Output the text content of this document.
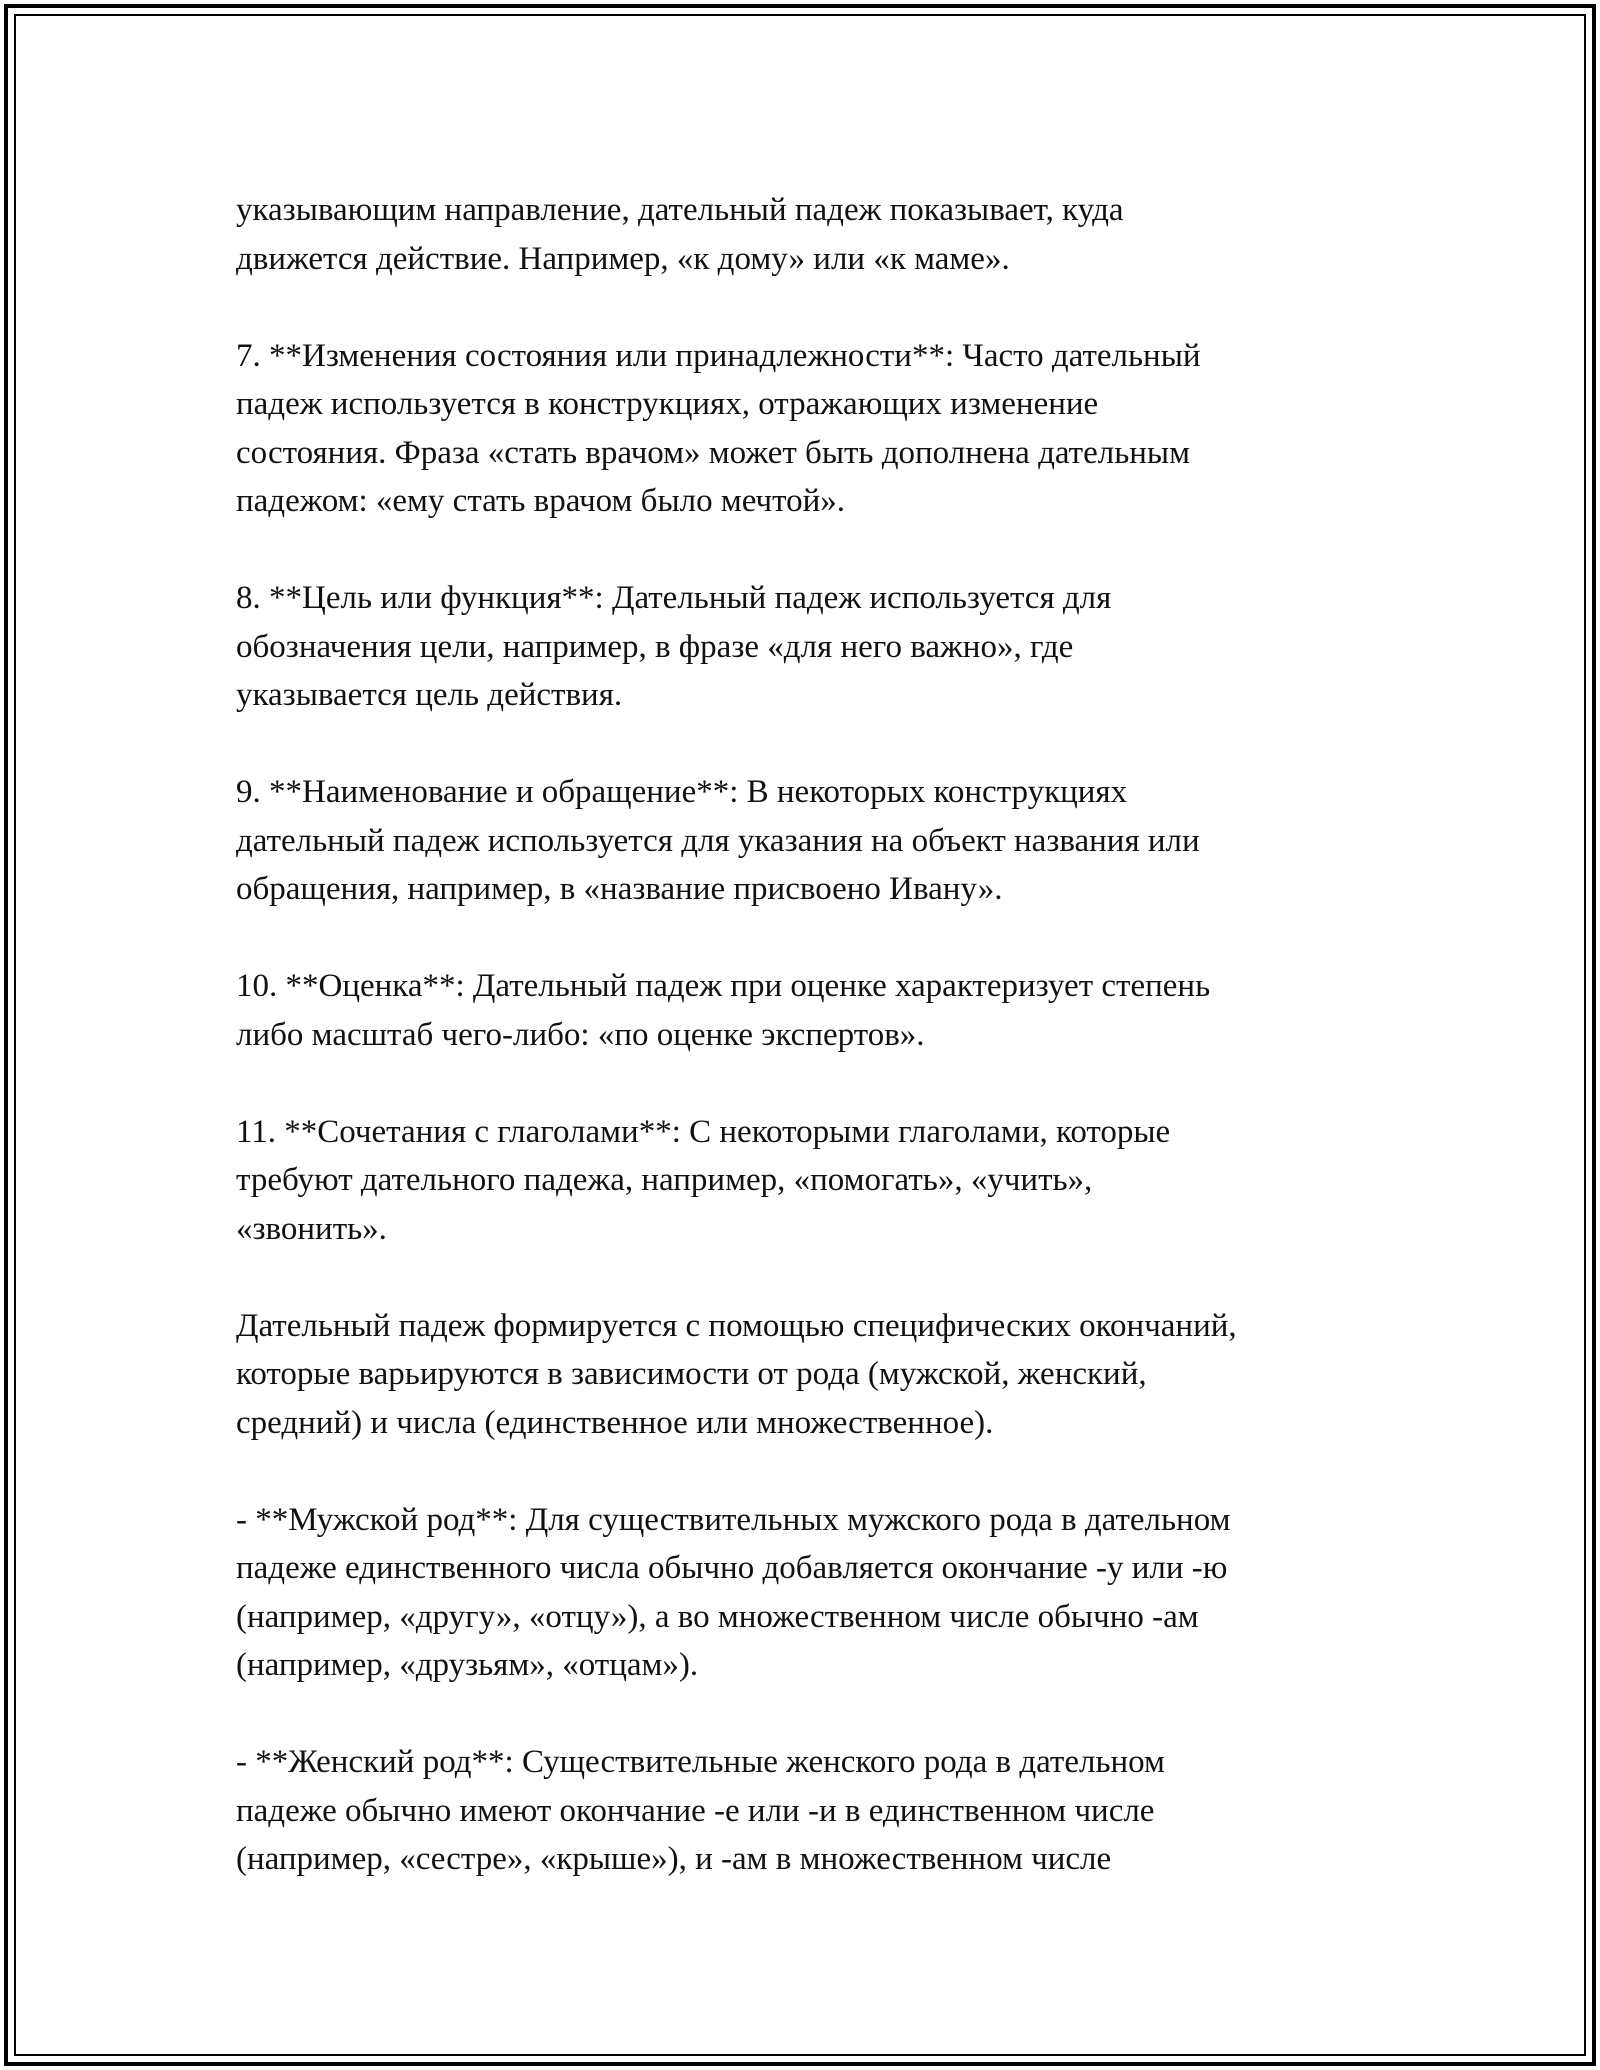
указывающим направление, дательный падеж показывает, куда
движется действие. Например, «к дому» или «к маме».

7. **Изменения состояния или принадлежности**: Часто дательный
падеж используется в конструкциях, отражающих изменение
состояния. Фраза «стать врачом» может быть дополнена дательным
падежом: «ему стать врачом было мечтой».

8. **Цель или функция**: Дательный падеж используется для
обозначения цели, например, в фразе «для него важно», где
указывается цель действия.

9. **Наименование и обращение**: В некоторых конструкциях
дательный падеж используется для указания на объект названия или
обращения, например, в «название присвоено Ивану».

10. **Оценка**: Дательный падеж при оценке характеризует степень
либо масштаб чего-либо: «по оценке экспертов».

11. **Сочетания с глаголами**: С некоторыми глаголами, которые
требуют дательного падежа, например, «помогать», «учить»,
«звонить».

Дательный падеж формируется с помощью специфических окончаний,
которые варьируются в зависимости от рода (мужской, женский,
средний) и числа (единственное или множественное).

- **Мужской род**: Для существительных мужского рода в дательном
падеже единственного числа обычно добавляется окончание -у или -ю
(например, «другу», «отцу»), а во множественном числе обычно -ам
(например, «друзьям», «отцам»).

- **Женский род**: Существительные женского рода в дательном
падеже обычно имеют окончание -е или -и в единственном числе
(например, «сестре», «крыше»), и -ам в множественном числе
